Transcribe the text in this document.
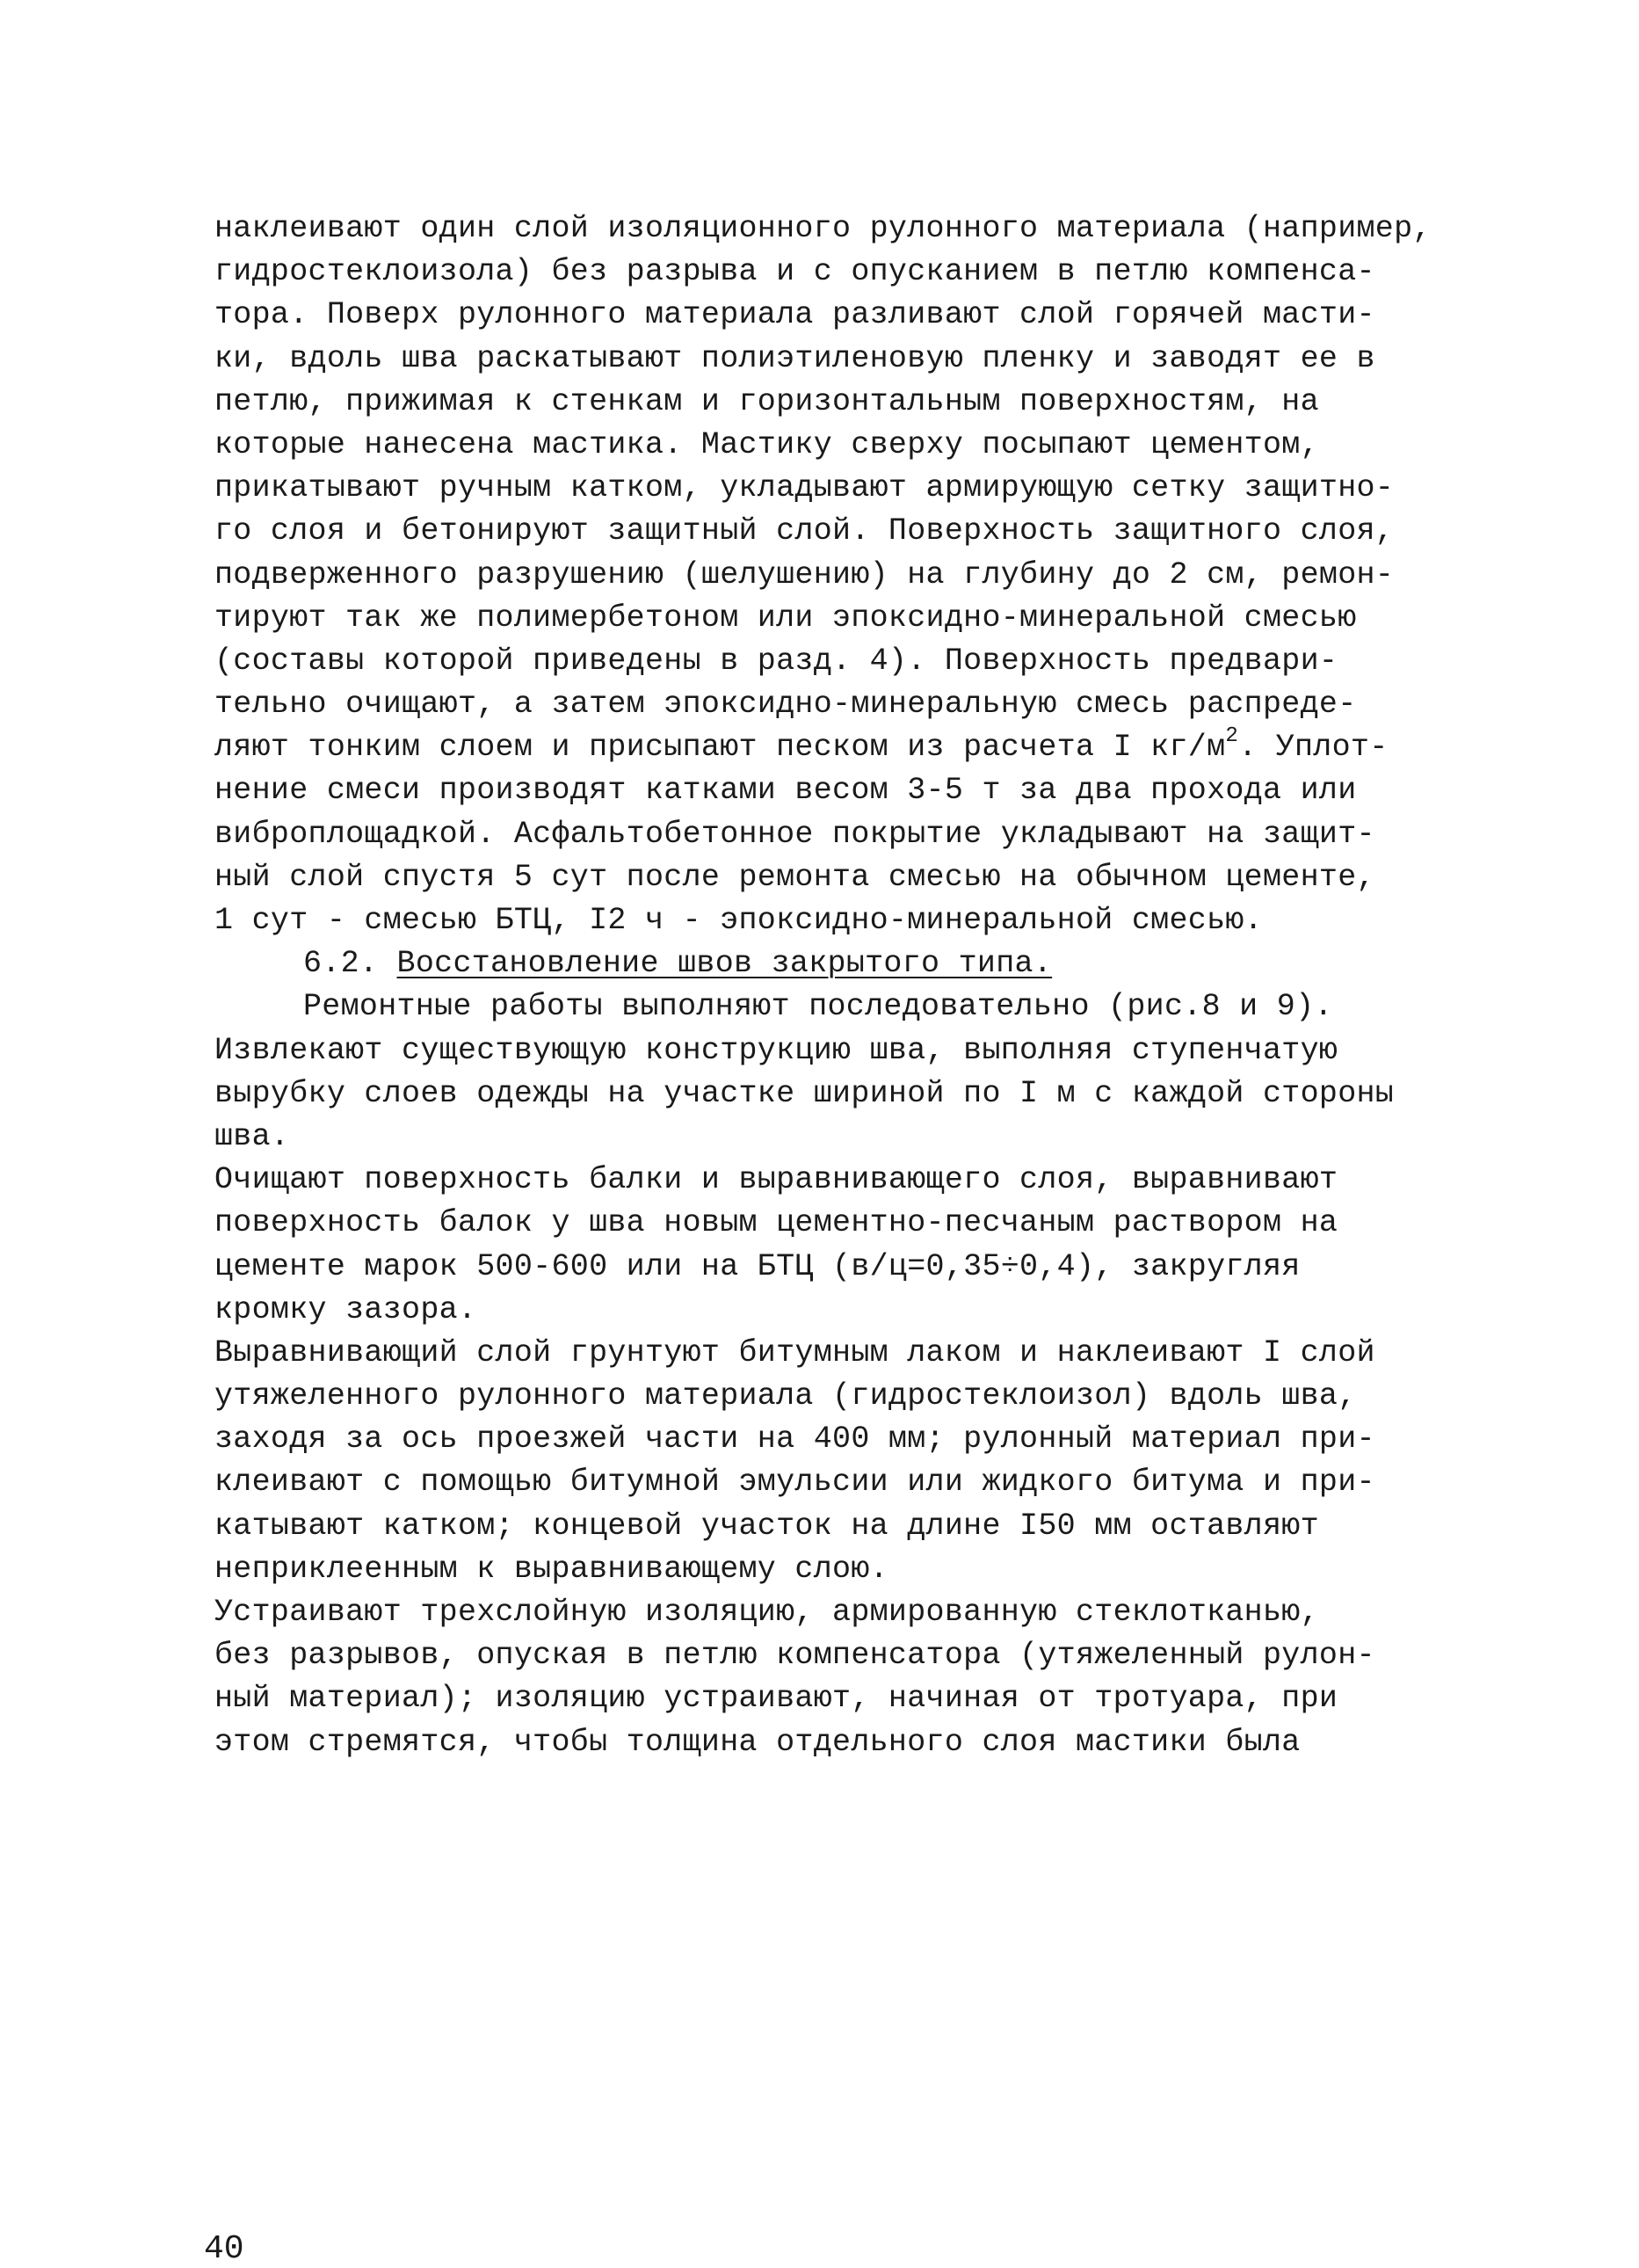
наклеивают один слой изоляционного рулонного материала (например,
гидростеклоизола) без разрыва и с опусканием в петлю компенса-
тора. Поверх рулонного материала разливают слой горячей масти-
ки, вдоль шва раскатывают полиэтиленовую пленку и заводят ее в
петлю, прижимая к стенкам и горизонтальным поверхностям, на
которые нанесена мастика. Мастику сверху посыпают цементом,
прикатывают ручным катком, укладывают армирующую сетку защитно-
го слоя и бетонируют защитный слой. Поверхность защитного слоя,
подверженного разрушению (шелушению) на глубину до 2 см, ремон-
тируют так же полимербетоном или эпоксидно-минеральной смесью
(составы которой приведены в разд. 4). Поверхность предвари-
тельно очищают, а затем эпоксидно-минеральную смесь распреде-
ляют тонким слоем и присыпают песком из расчета I $кг/м^2$. Уплот-
нение смеси производят катками весом 3-5 т за два прохода или
виброплощадкой. Асфальтобетонное покрытие укладывают на защит-
ный слой спустя 5 сут после ремонта смесью на обычном цементе,
1 сут - смесью БТЦ, I2 ч - эпоксидно-минеральной смесью.
6.2. Восстановление швов закрытого типа.
Ремонтные работы выполняют последовательно (рис.8 и 9).
Извлекают существующую конструкцию шва, выполняя ступенчатую
вырубку слоев одежды на участке шириной по I м с каждой стороны
шва.
Очищают поверхность балки и выравнивающего слоя, выравнивают
поверхность балок у шва новым цементно-песчаным раствором на
цементе марок 500-600 или на БТЦ (в/ц=0,35÷0,4), закругляя
кромку зазора.
Выравнивающий слой грунтуют битумным лаком и наклеивают I слой
утяжеленного рулонного материала (гидростеклоизол) вдоль шва,
заходя за ось проезжей части на 400 мм; рулонный материал при-
клеивают с помощью битумной эмульсии или жидкого битума и при-
катывают катком; концевой участок на длине I50 мм оставляют
неприклеенным к выравнивающему слою.
Устраивают трехслойную изоляцию, армированную стеклотканью,
без разрывов, опуская в петлю компенсатора (утяжеленный рулон-
ный материал); изоляцию устраивают, начиная от тротуара, при
этом стремятся, чтобы толщина отдельного слоя мастики была
40
